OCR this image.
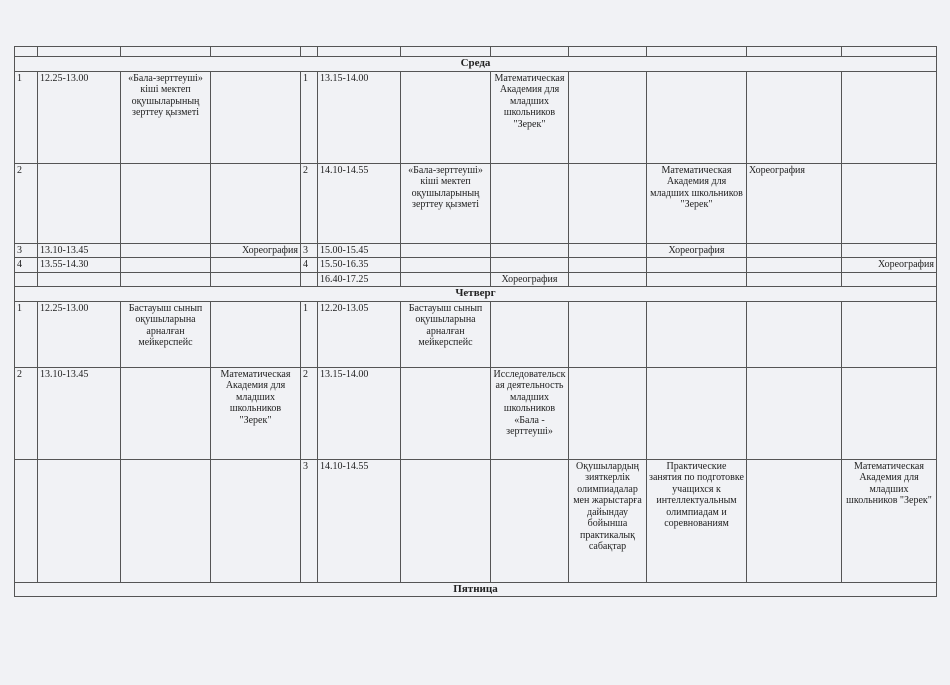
Среда											
1	12.25-13.00	«Бала-зерттеуші» кіші мектеп оқушыларының зерттеу қызметі		1	13.15-14.00		Математическая Академия для младших школьников "Зерек"				
2				2	14.10-14.55	«Бала-зерттеуші» кіші мектеп оқушыларының зерттеу қызметі			Математическая Академия для младших школьников "Зерек"	Хореография	
3	13.10-13.45		Хореография	3	15.00-15.45				Хореография		
4	13.55-14.30			4	15.50-16.35						Хореография
					16.40-17.25		Хореография				
Четверг											
1	12.25-13.00	Бастауыш сынып оқушыларына арналған мейкерспейс		1	12.20-13.05	Бастауыш сынып оқушыларына арналған мейкерспейс					
2	13.10-13.45		Математическая Академия для младших школьников "Зерек"	2	13.15-14.00		Исследовательская деятельность младших школьников «Бала - зерттеуші»				
				3	14.10-14.55			Оқушылардың зияткерлік олимпиадалар мен жарыстарға дайындау бойынша практикалық сабақтар	Практические занятия по подготовке учащихся к интеллектуальным олимпиадам и соревнованиям		Математическая Академия для младших школьников "Зерек"
Пятница											
